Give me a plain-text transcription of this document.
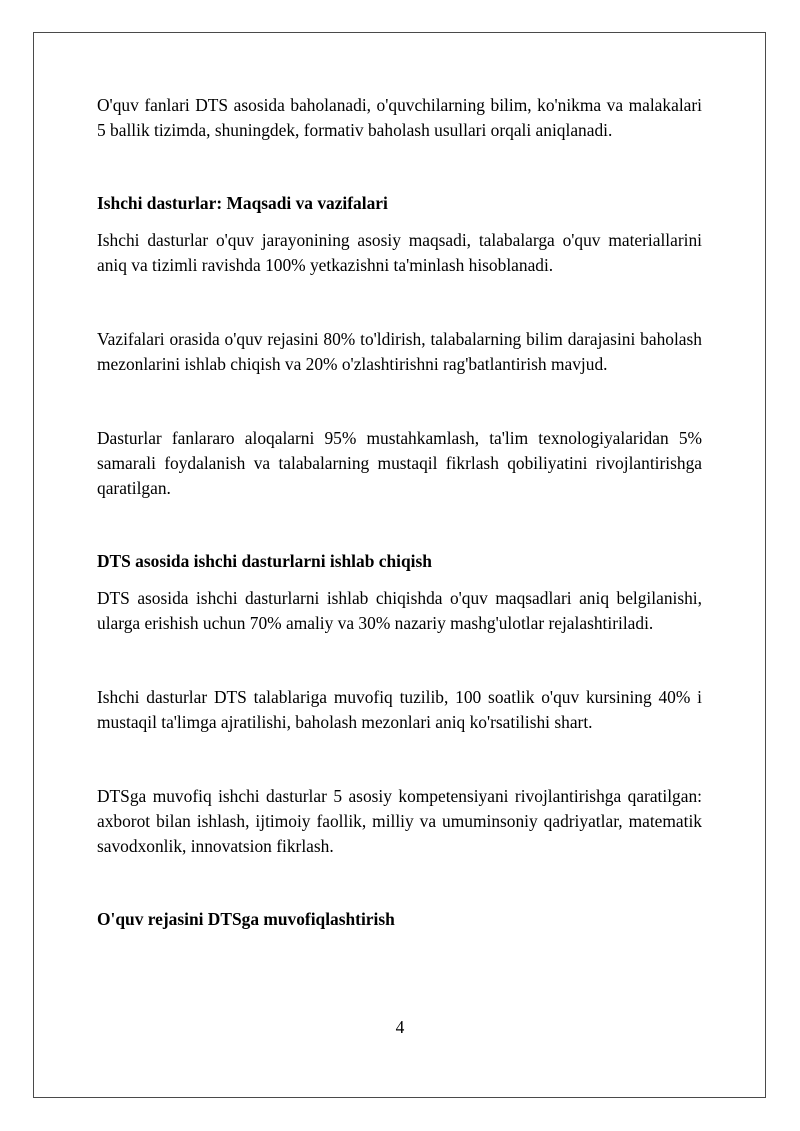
O'quv fanlari DTS asosida baholanadi, o'quvchilarning bilim, ko'nikma va malakalari 5 ballik tizimda, shuningdek, formativ baholash usullari orqali aniqlanadi.

Ishchi dasturlar: Maqsadi va vazifalari

Ishchi dasturlar o'quv jarayonining asosiy maqsadi, talabalarga o'quv materiallarini aniq va tizimli ravishda 100% yetkazishni ta'minlash hisoblanadi.

Vazifalari orasida o'quv rejasini 80% to'ldirish, talabalarning bilim darajasini baholash mezonlarini ishlab chiqish va 20% o'zlashtirishni rag'batlantirish mavjud.

Dasturlar fanlararo aloqalarni 95% mustahkamlash, ta'lim texnologiyalaridan 5% samarali foydalanish va talabalarning mustaqil fikrlash qobiliyatini rivojlantirishga qaratilgan.

DTS asosida ishchi dasturlarni ishlab chiqish

DTS asosida ishchi dasturlarni ishlab chiqishda o'quv maqsadlari aniq belgilanishi, ularga erishish uchun 70% amaliy va 30% nazariy mashg'ulotlar rejalashtiriladi.

Ishchi dasturlar DTS talablariga muvofiq tuzilib, 100 soatlik o'quv kursining 40% i mustaqil ta'limga ajratilishi, baholash mezonlari aniq ko'rsatilishi shart.

DTSga muvofiq ishchi dasturlar 5 asosiy kompetensiyani rivojlantirishga qaratilgan: axborot bilan ishlash, ijtimoiy faollik, milliy va umuminsoniy qadriyatlar, matematik savodxonlik, innovatsion fikrlash.

O'quv rejasini DTSga muvofiqlashtirish

4
